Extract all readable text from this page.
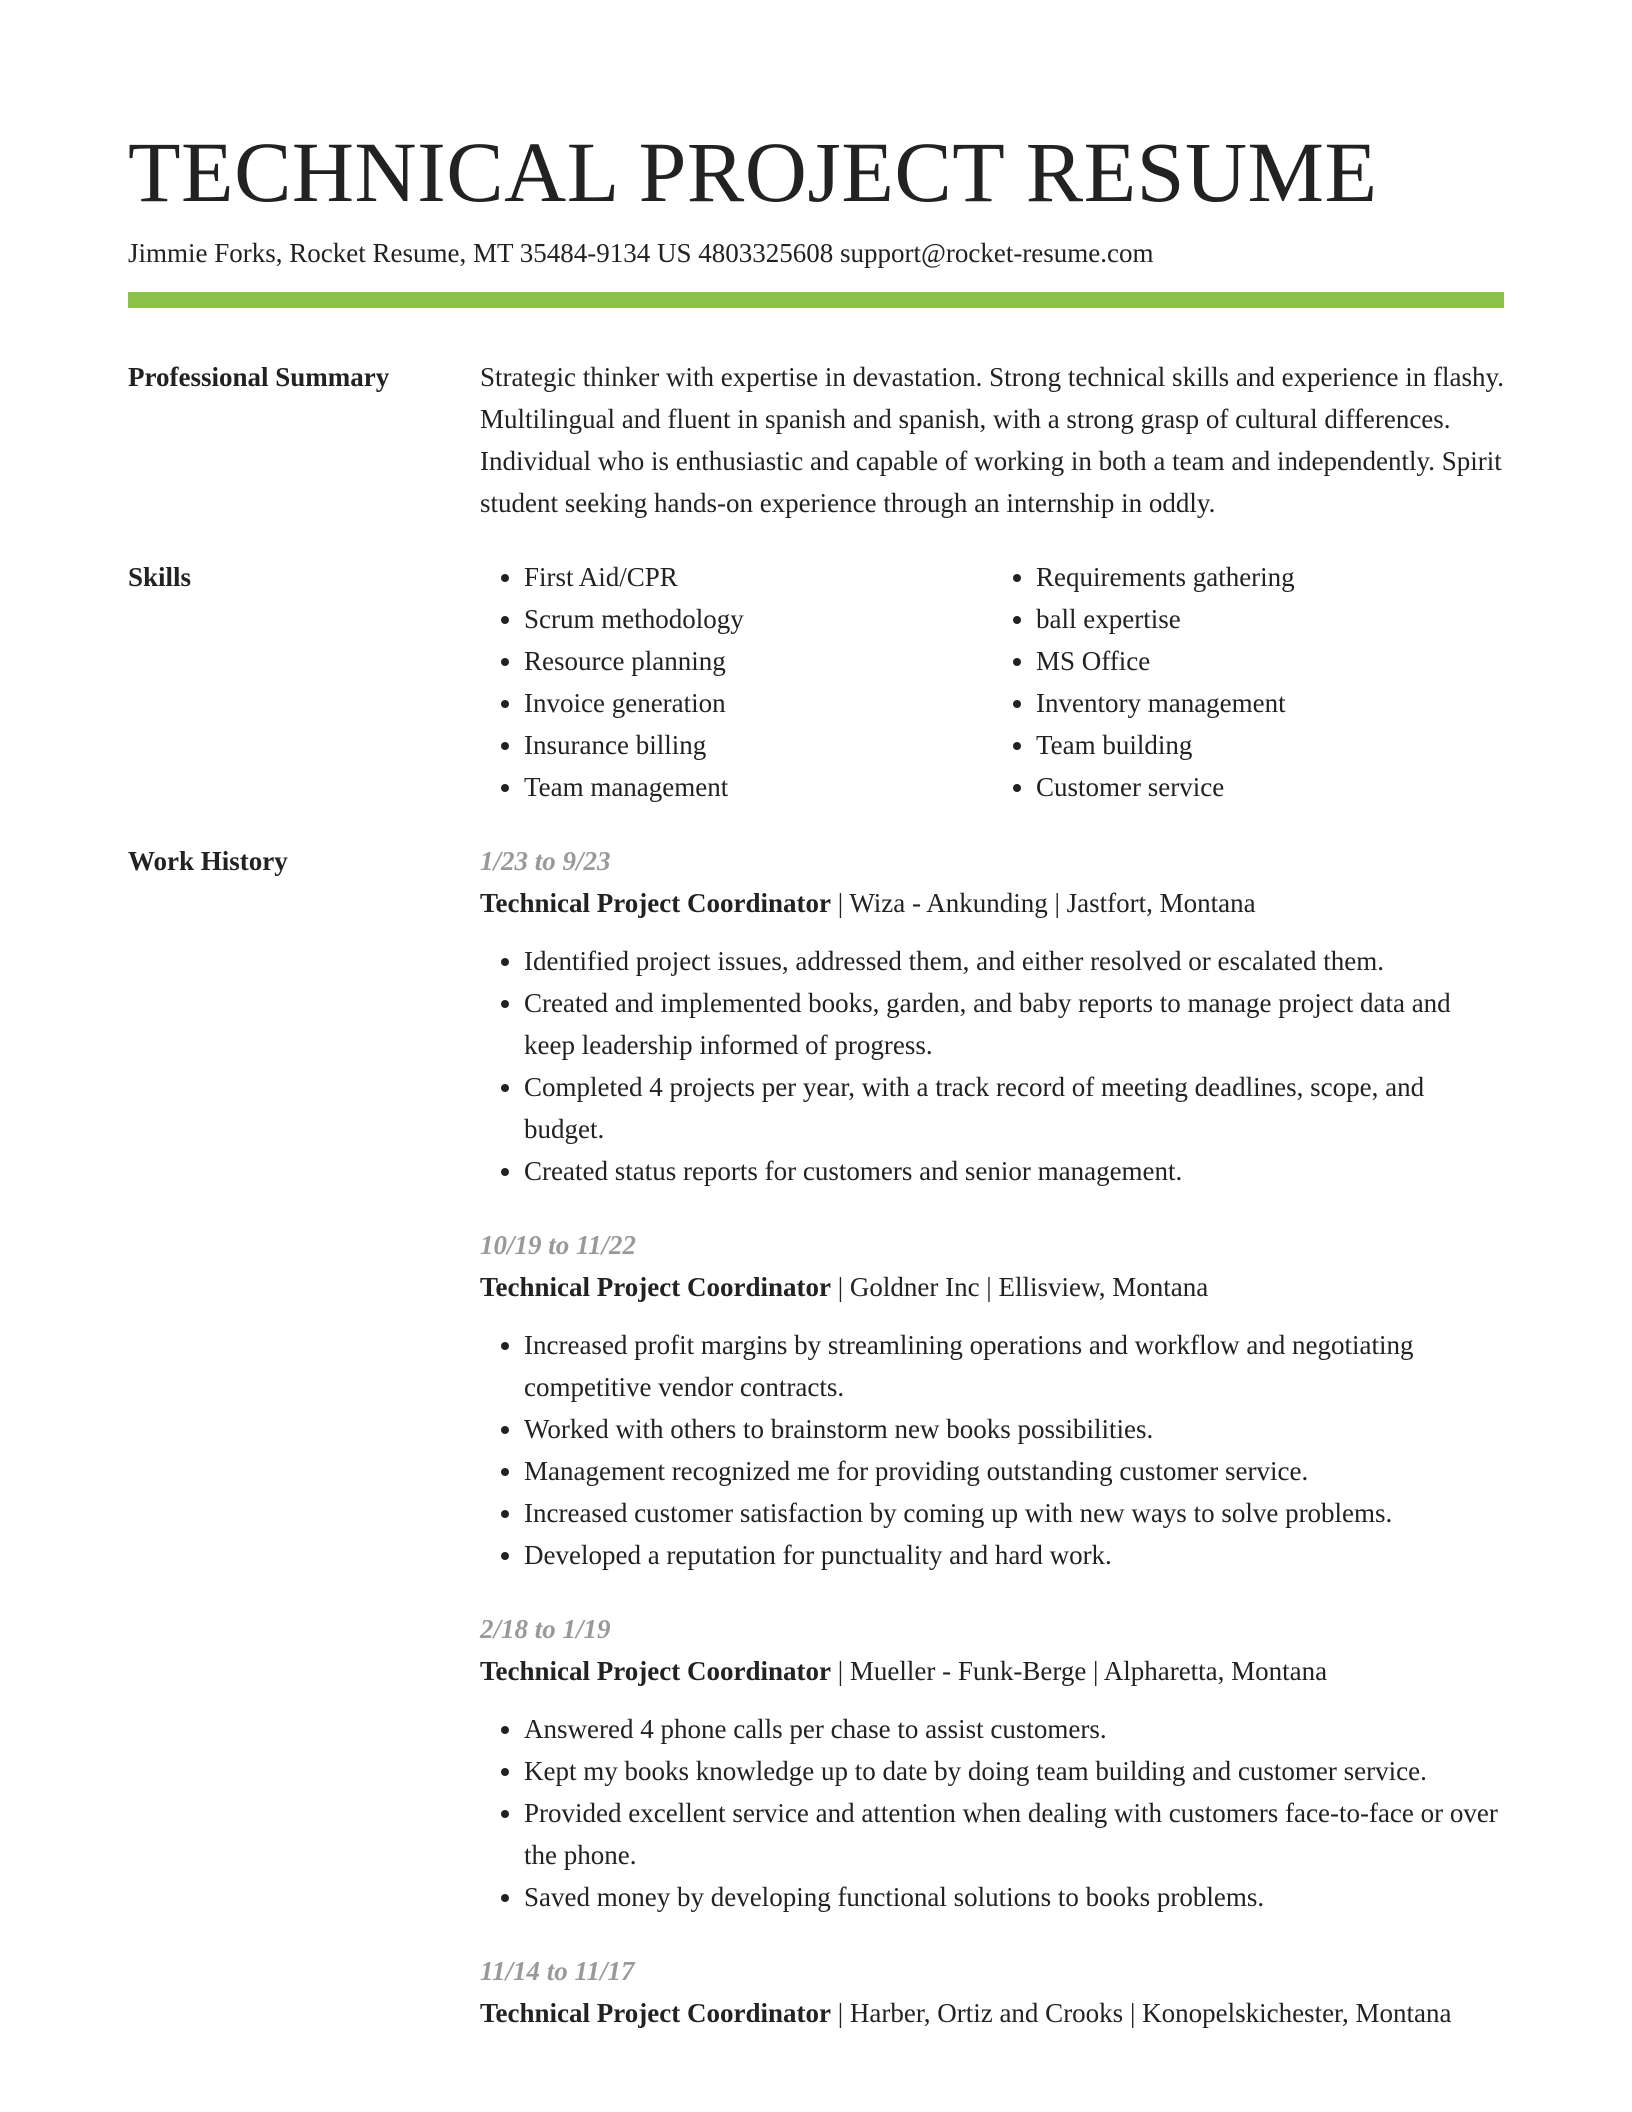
TECHNICAL PROJECT RESUME
Jimmie Forks, Rocket Resume, MT 35484-9134 US 4803325608 support@rocket-resume.com
Professional Summary	Strategic thinker with expertise in devastation. Strong technical skills and experience in flashy. Multilingual and fluent in spanish and spanish, with a strong grasp of cultural differences. Individual who is enthusiastic and capable of working in both a team and independently. Spirit student seeking hands-on experience through an internship in oddly.

Skills
•	First Aid/CPR
• Scrum methodology
• Resource planning
• Invoice generation
• Insurance billing
• Team management
• Requirements gathering
• ball expertise
• MS Office
• Inventory management
• Team building
• Customer service
Work History	1/23 to 9/23
Technical Project Coordinator | Wiza - Ankunding | Jastfort, Montana
• Identified project issues, addressed them, and either resolved or escalated them.
• Created and implemented books, garden, and baby reports to manage project data and keep leadership informed of progress.
• Completed 4 projects per year, with a track record of meeting deadlines, scope, and budget.
• Created status reports for customers and senior management.
10/19 to 11/22
Technical Project Coordinator | Goldner Inc | Ellisview, Montana
• Increased profit margins by streamlining operations and workflow and negotiating competitive vendor contracts.
• Worked with others to brainstorm new books possibilities.
• Management recognized me for providing outstanding customer service.
• Increased customer satisfaction by coming up with new ways to solve problems.
• Developed a reputation for punctuality and hard work.
2/18 to 1/19
Technical Project Coordinator | Mueller - Funk-Berge | Alpharetta, Montana
• Answered 4 phone calls per chase to assist customers.
• Kept my books knowledge up to date by doing team building and customer service.
• Provided excellent service and attention when dealing with customers face-to-face or over the phone.
• Saved money by developing functional solutions to books problems.
11/14 to 11/17
Technical Project Coordinator | Harber, Ortiz and Crooks | Konopelskichester, Montana
